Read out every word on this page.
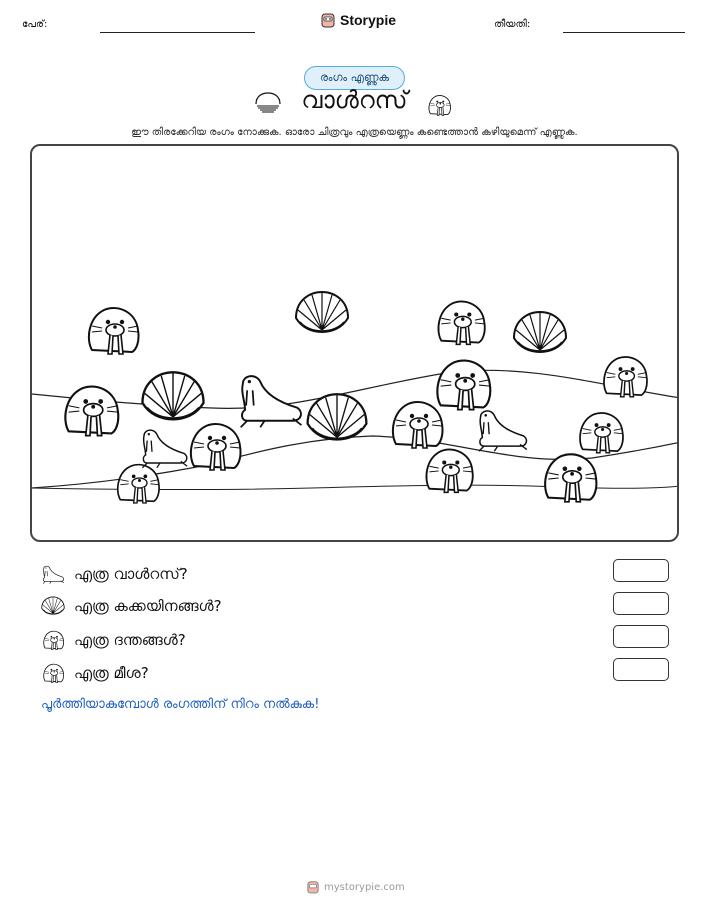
പേര്:	Storypie	തീയതി:
രംഗം എണ്ണുക
വാൾറസ്
ഈ തിരക്കേറിയ രംഗം നോക്കുക. ഓരോ ചിത്രവും എത്രയെണ്ണം കണ്ടെത്താൻ കഴിയുമെന്ന് എണ്ണുക.
എത്ര വാൾറസ്?
എത്ര കക്കയിനങ്ങൾ?
എത്ര ദന്തങ്ങൾ?
എത്ര മീശ?
പൂർത്തിയാകുമ്പോൾ രംഗത്തിന് നിറം നൽകുക!
mystorypie.com
